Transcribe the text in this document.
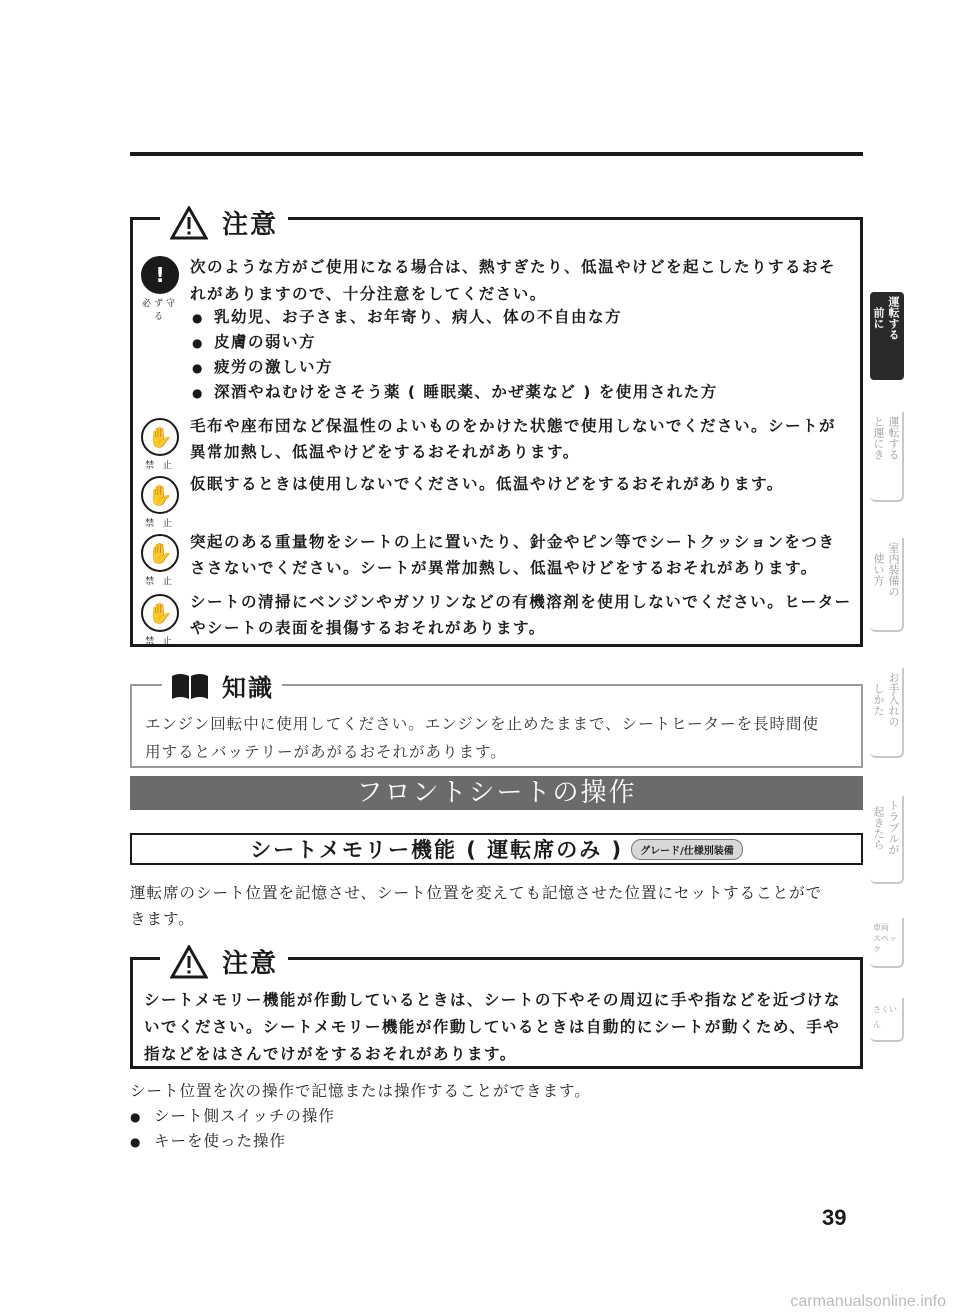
注意
!
必ず守る
次のような方がご使用になる場合は、熱すぎたり、低温やけどを起こしたりするおそ
れがありますので、十分注意をしてください。
● 乳幼児、お子さま、お年寄り、病人、体の不自由な方
● 皮膚の弱い方
● 疲労の激しい方
● 深酒やねむけをさそう薬 ( 睡眠薬、かぜ薬など ) を使用された方
✋
禁 止
毛布や座布団など保温性のよいものをかけた状態で使用しないでください。シートが
異常加熱し、低温やけどをするおそれがあります。
✋
禁 止
仮眠するときは使用しないでください。低温やけどをするおそれがあります。
✋
禁 止
突起のある重量物をシートの上に置いたり、針金やピン等でシートクッションをつき
ささないでください。シートが異常加熱し、低温やけどをするおそれがあります。
✋
禁 止
シートの清掃にベンジンやガソリンなどの有機溶剤を使用しないでください。ヒーター
やシートの表面を損傷するおそれがあります。
知識
エンジン回転中に使用してください。エンジンを止めたままで、シートヒーターを長時間使
用するとバッテリーがあがるおそれがあります。
フロントシートの操作
シートメモリー機能 ( 運転席のみ )	グレード/仕様別装備
運転席のシート位置を記憶させ、シート位置を変えても記憶させた位置にセットすることがで
きます。
注意
シートメモリー機能が作動しているときは、シートの下やその周辺に手や指などを近づけな
いでください。シートメモリー機能が作動しているときは自動的にシートが動くため、手や
指などをはさんでけがをするおそれがあります。
シート位置を次の操作で記憶または操作することができます。
● シート側スイッチの操作
● キーを使った操作
39
前に 運転する
と運にき 運転する
使い方 室内装備の
しかた お手入れの
起きたら トラブルが
車両
スペック
さくいん
carmanualsonline.info
